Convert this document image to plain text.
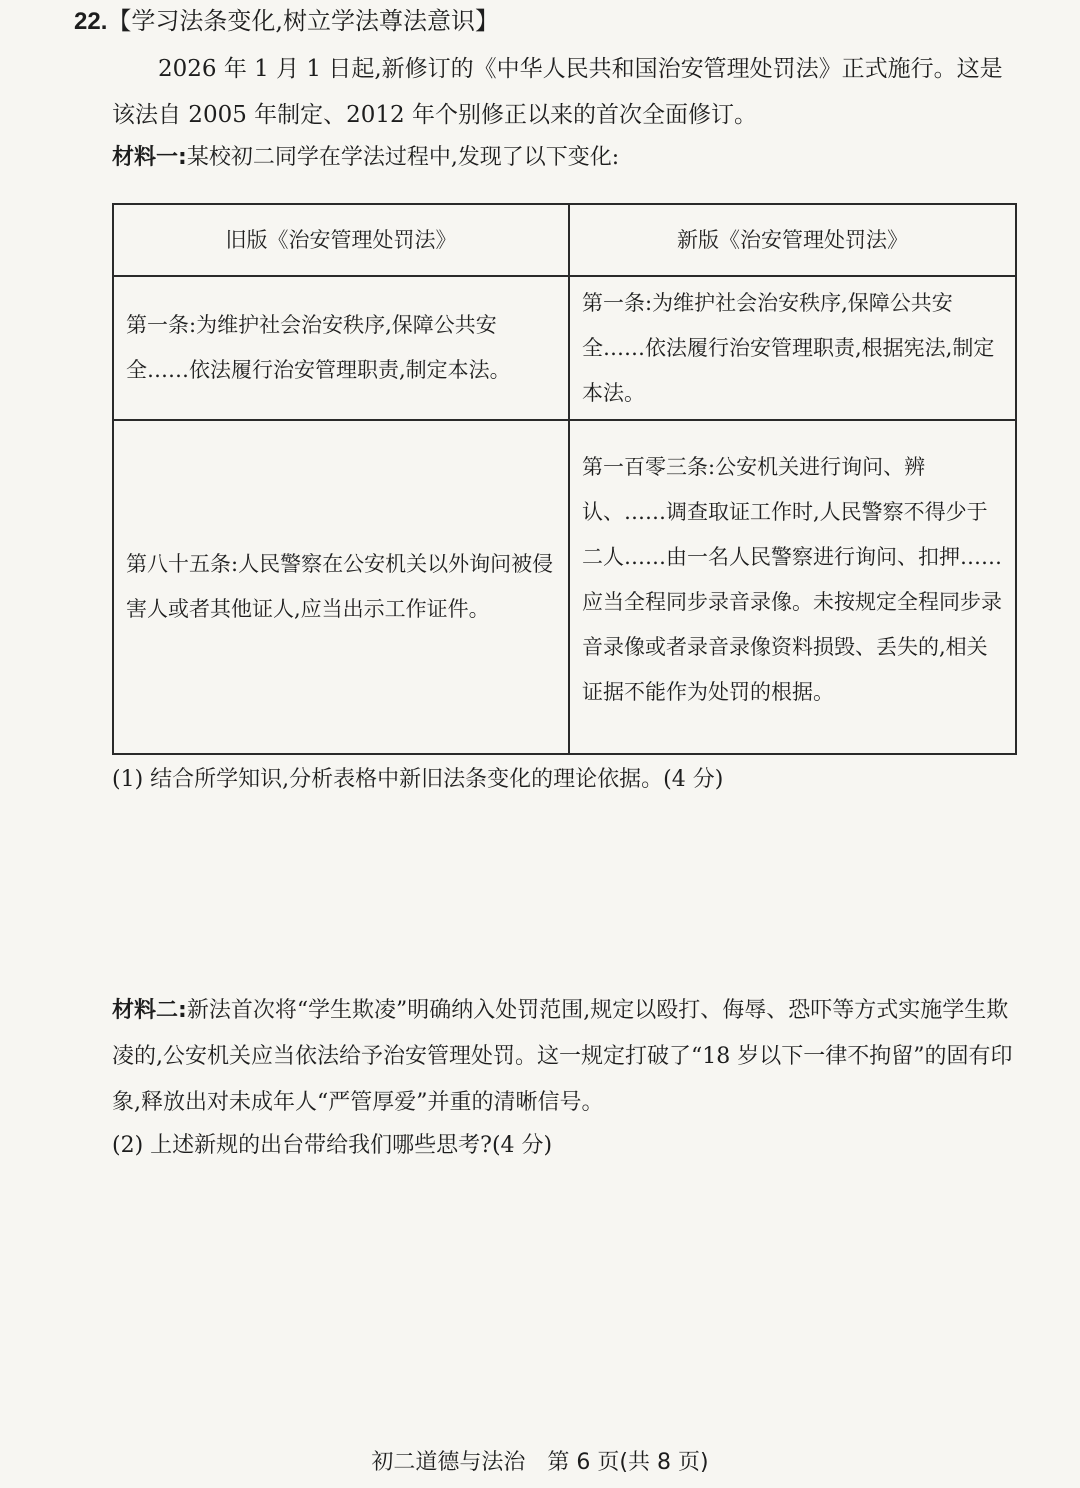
22.【学习法条变化,树立学法尊法意识】

2026 年 1 月 1 日起,新修订的《中华人民共和国治安管理处罚法》正式施行。这是该法自 2005 年制定、2012 年个别修正以来的首次全面修订。

材料一:某校初二同学在学法过程中,发现了以下变化:
旧版《治安管理处罚法》	新版《治安管理处罚法》
第一条:为维护社会治安秩序,保障公共安全……依法履行治安管理职责,制定本法。	第一条:为维护社会治安秩序,保障公共安全……依法履行治安管理职责,根据宪法,制定本法。
第八十五条:人民警察在公安机关以外询问被侵害人或者其他证人,应当出示工作证件。	第一百零三条:公安机关进行询问、辨认、……调查取证工作时,人民警察不得少于二人……由一名人民警察进行询问、扣押……应当全程同步录音录像。未按规定全程同步录音录像或者录音录像资料损毁、丢失的,相关证据不能作为处罚的根据。
(1) 结合所学知识,分析表格中新旧法条变化的理论依据。(4 分)

材料二:新法首次将“学生欺凌”明确纳入处罚范围,规定以殴打、侮辱、恐吓等方式实施学生欺凌的,公安机关应当依法给予治安管理处罚。这一规定打破了“18 岁以下一律不拘留”的固有印象,释放出对未成年人“严管厚爱”并重的清晰信号。

(2) 上述新规的出台带给我们哪些思考?(4 分)
初二道德与法治　第 6 页(共 8 页)
